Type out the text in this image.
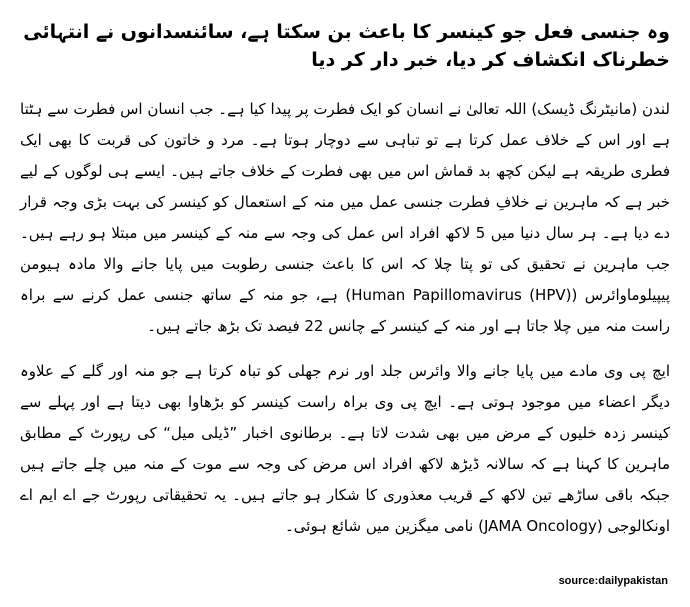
وہ جنسی فعل جو کینسر کا باعث بن سکتا ہے، سائنسدانوں نے انتہائی خطرناک انکشاف کر دیا، خبر دار کر دیا

لندن (مانیٹرنگ ڈیسک) اللہ تعالیٰ نے انسان کو ایک فطرت پر پیدا کیا ہے۔ جب انسان اس فطرت سے ہٹتا ہے اور اس کے خلاف عمل کرتا ہے تو تباہی سے دوچار ہوتا ہے۔ مرد و خاتون کی قربت کا بھی ایک فطری طریقہ ہے لیکن کچھ بد قماش اس میں بھی فطرت کے خلاف جاتے ہیں۔ ایسے ہی لوگوں کے لیے خبر ہے کہ ماہرین نے خلافِ فطرت جنسی عمل میں منہ کے استعمال کو کینسر کی بہت بڑی وجہ قرار دے دیا ہے۔ ہر سال دنیا میں 5 لاکھ افراد اس عمل کی وجہ سے منہ کے کینسر میں مبتلا ہو رہے ہیں۔ جب ماہرین نے تحقیق کی تو پتا چلا کہ اس کا باعث جنسی رطوبت میں پایا جانے والا مادہ ہیومن پیپیلوماوائرس (Human Papillomavirus (HPV)) ہے، جو منہ کے ساتھ جنسی عمل کرنے سے براہ راست منہ میں چلا جاتا ہے اور منہ کے کینسر کے چانس 22 فیصد تک بڑھ جاتے ہیں۔

ایچ پی وی مادے میں پایا جانے والا وائرس جلد اور نرم جھلی کو تباہ کرتا ہے جو منہ اور گلے کے علاوہ دیگر اعضاء میں موجود ہوتی ہے۔ ایچ پی وی براہ راست کینسر کو بڑھاوا بھی دیتا ہے اور پہلے سے کینسر زدہ خلیوں کے مرض میں بھی شدت لاتا ہے۔ برطانوی اخبار ”ڈیلی میل“ کی رپورٹ کے مطابق ماہرین کا کہنا ہے کہ سالانہ ڈیڑھ لاکھ افراد اس مرض کی وجہ سے موت کے منہ میں چلے جاتے ہیں جبکہ باقی ساڑھے تین لاکھ کے قریب معذوری کا شکار ہو جاتے ہیں۔ یہ تحقیقاتی رپورٹ جے اے ایم اے اونکالوجی (JAMA Oncology) نامی میگزین میں شائع ہوئی۔

source:dailypakistan
